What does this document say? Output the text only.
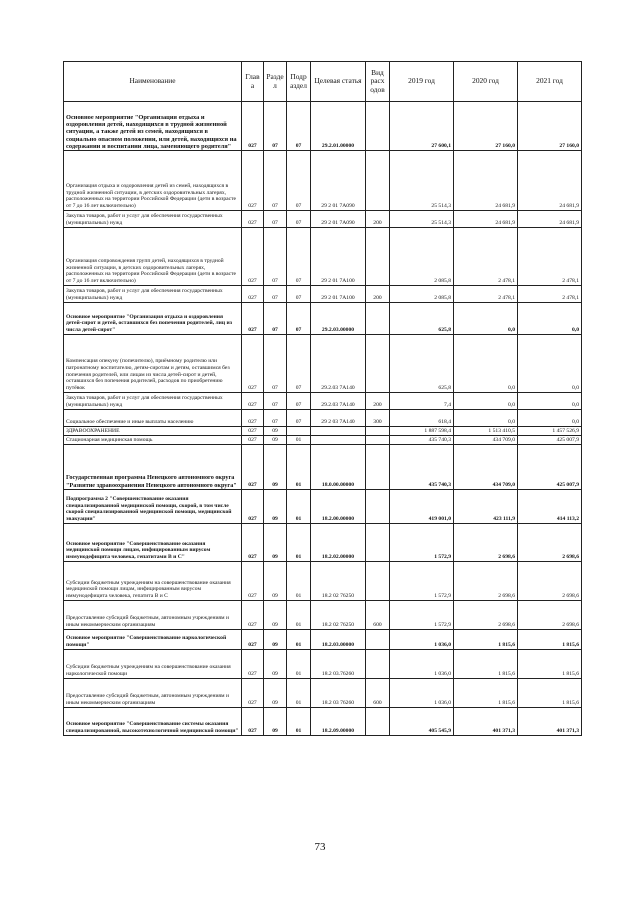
Наименование	Глав а	Разде л	Подр аздел	Целевая статья	Вид расх одов	2019 год	2020 год	2021 год
Основное мероприятие "Организация отдыха и оздоровления детей, находящихся в трудной жизненной ситуации, а также детей из семей, находящихся в социально опасном положении, или детей, находящихся на содержании и воспитании лица, заменяющего родителя"	027	07	07	29.2.01.00000		27 600,1	27 160,0	27 160,0
Организация отдыха и оздоровления детей из семей, находящихся в трудной жизненной ситуации, в детских оздоровительных лагерях, расположенных на территории Российской Федерации (дети в возрасте от 7 до 16 лет включительно)	027	07	07	29 2 01 7А090		25 514,3	24 681,9	24 681,9
Закупка товаров, работ и услуг для обеспечения государственных (муниципальных) нужд	027	07	07	29 2 01 7А090	200	25 514,3	24 681,9	24 681,9
Организация сопровождения групп детей, находящихся в трудной жизненной ситуации, в детских оздоровительных лагерях, расположенных на территории Российской Федерации (дети в возрасте от 7 до 16 лет включительно)	027	07	07	29 2 01 7А100		2 085,8	2 478,1	2 478,1
Закупка товаров, работ и услуг для обеспечения государственных (муниципальных) нужд	027	07	07	29 2 01 7А100	200	2 085,8	2 478,1	2 478,1
Основное мероприятие "Организация отдыха и оздоровления детей-сирот и детей, оставшихся без попечения родителей, лиц из числа детей-сирот"	027	07	07	29.2.03.00000		625,8	0,0	0,0
Компенсация опекуну (попечителю), приёмному родителю или патронатному воспитателю, детям-сиротам и детям, оставшимся без попечения родителей, или лицам из числа детей-сирот и детей, оставшихся без попечения родителей, расходов по приобретению путёвок	027	07	07	29.2.03 7А140		625,8	0,0	0,0
Закупка товаров, работ и услуг для обеспечения государственных (муниципальных) нужд	027	07	07	29.2.03 7А140	200	7,4	0,0	0,0
Социальное обеспечение и иные выплаты населению	027	07	07	29 2 03 7А140	300	618,4	0,0	0,0
ЗДРАВООХРАНЕНИЕ	027	09				1 887 598,4	1 513 410,5	1 457 526,9
Стационарная медицинская помощь	027	09	01			435 740,3	434 709,0	425 007,9
Государственная программа Ненецкого автономного округа "Развитие здравоохранения Ненецкого автономного округа"	027	09	01	18.0.00.00000		435 740,3	434 709,0	425 007,9
Подпрограмма 2 "Совершенствование оказания специализированной медицинской помощи, скорой, в том числе скорой специализированной медицинской помощи, медицинской эвакуации"	027	09	01	18.2.00.00000		419 001,0	423 111,9	414 113,2
Основное мероприятие "Совершенствование оказания медицинской помощи лицам, инфицированным вирусом иммунодефицита человека, гепатитами B и C"	027	09	01	18.2.02.00000		1 572,9	2 698,6	2 698,6
Субсидии бюджетным учреждениям на совершенствование оказания медицинской помощи лицам, инфицированным вирусом иммунодефицита человека, гепатита B и C	027	09	01	18.2 02 76250		1 572,9	2 698,6	2 698,6
Предоставление субсидий бюджетным, автономным учреждениям и иным некоммерческим организациям	027	09	01	18.2 02 76250	600	1 572,9	2 698,6	2 698,6
Основное мероприятие "Совершенствование наркологической помощи"	027	09	01	18.2.03.00000		1 036,0	1 815,6	1 815,6
Субсидии бюджетным учреждениям на совершенствование оказания наркологической помощи	027	09	01	18.2 03.76260		1 036,0	1 815,6	1 815,6
Предоставление субсидий бюджетным, автономным учреждениям и иным некоммерческим организациям	027	09	01	18.2 03 76260	600	1 036,0	1 815,6	1 815,6
Основное мероприятие "Совершенствование системы оказания специализированной, высокотехнологичной медицинской помощи"	027	09	01	18.2.09.00000		405 545,9	401 371,3	401 371,3
73
